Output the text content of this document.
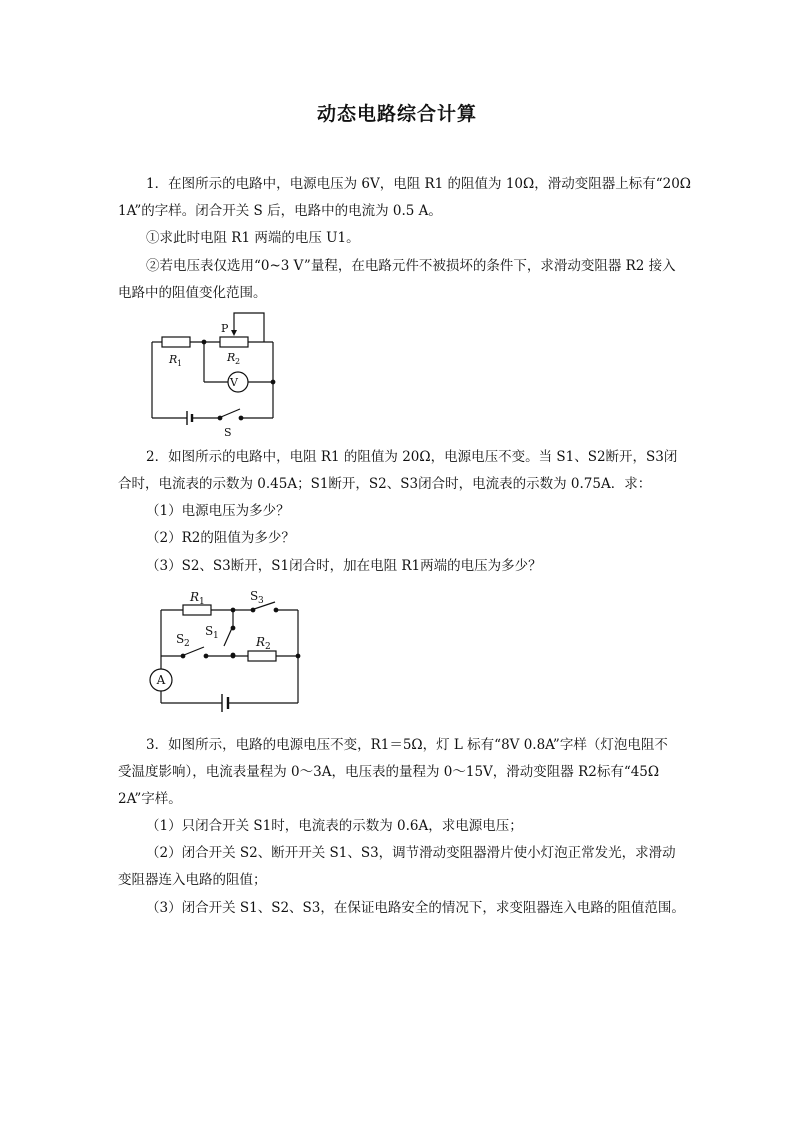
动态电路综合计算
1．在图所示的电路中，电源电压为 6V，电阻 R1 的阻值为 10Ω，滑动变阻器上标有“20Ω
1A”的字样。闭合开关 S 后，电路中的电流为 0.5 A。
①求此时电阻 R1 两端的电压 U1。
②若电压表仅选用“0~3 V”量程，在电路元件不被损坏的条件下，求滑动变阻器 R2 接入
电路中的阻值变化范围。
R 1	R 2
P
V
S
2．如图所示的电路中，电阻 R1 的阻值为 20Ω，电源电压不变。当 S1、S2断开，S3闭
合时，电流表的示数为 0.45A；S1断开，S2、S3闭合时，电流表的示数为 0.75A．求：
（1）电源电压为多少？
（2）R2的阻值为多少？
（3）S2、S3断开，S1闭合时，加在电阻 R1两端的电压为多少？
R 1
R 2
S 3
S 1
S 2
A
3．如图所示，电路的电源电压不变，R1＝5Ω，灯 L 标有“8V 0.8A”字样（灯泡电阻不
受温度影响），电流表量程为 0～3A，电压表的量程为 0～15V，滑动变阻器 R2标有“45Ω
2A”字样。
（1）只闭合开关 S1时，电流表的示数为 0.6A，求电源电压；
（2）闭合开关 S2、断开开关 S1、S3，调节滑动变阻器滑片使小灯泡正常发光，求滑动
变阻器连入电路的阻值；
（3）闭合开关 S1、S2、S3，在保证电路安全的情况下，求变阻器连入电路的阻值范围。
